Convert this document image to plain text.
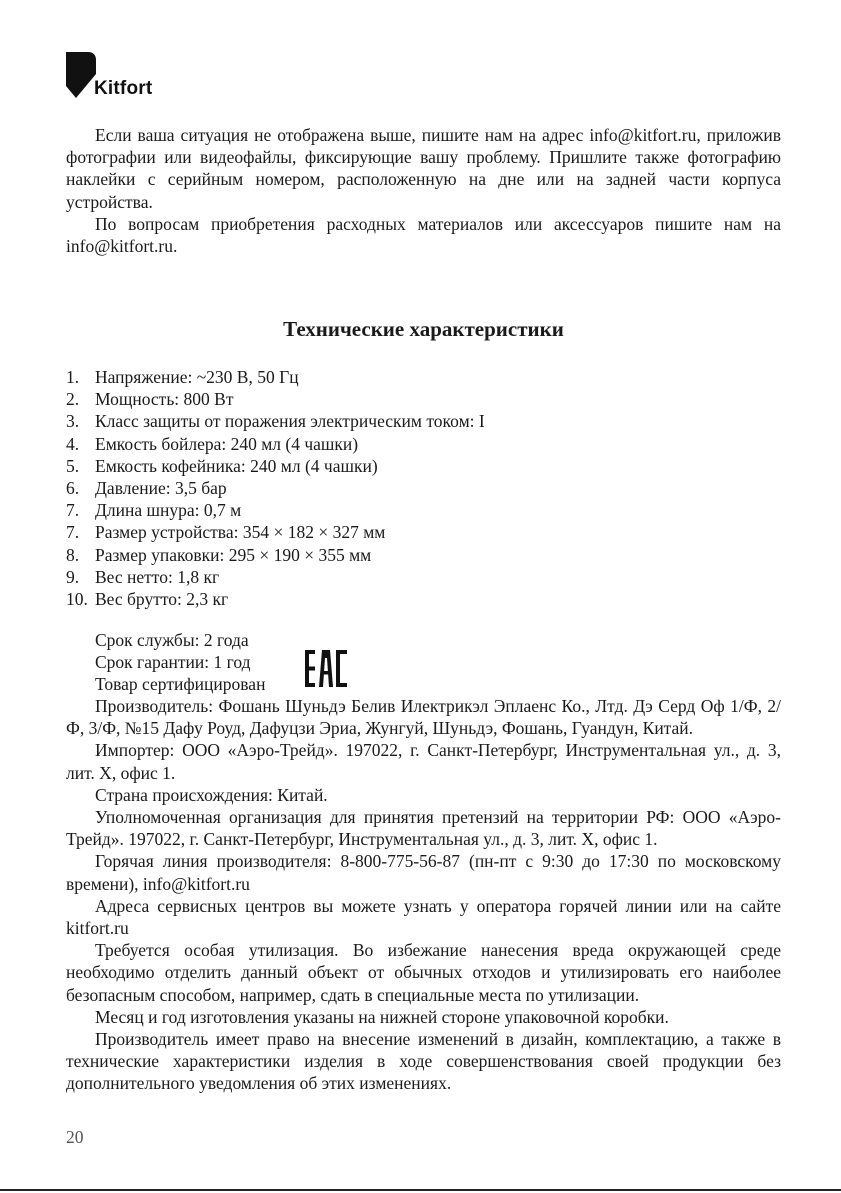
Kitfort

Если ваша ситуация не отображена выше, пишите нам на адрес info@kitfort.ru, приложив фотографии или видеофайлы, фиксирующие вашу проблему. Пришлите также фотографию наклейки с серийным номером, расположенную на дне или на задней части корпуса устройства.

По вопросам приобретения расходных материалов или аксессуаров пишите нам на info@kitfort.ru.

Технические характеристики
1. Напряжение: ~230 В, 50 Гц
2. Мощность: 800 Вт
3. Класс защиты от поражения электрическим током: I
4. Емкость бойлера: 240 мл (4 чашки)
5. Емкость кофейника: 240 мл (4 чашки)
6. Давление: 3,5 бар
7. Длина шнура: 0,7 м
7. Размер устройства: 354 × 182 × 327 мм
8. Размер упаковки: 295 × 190 × 355 мм
9. Вес нетто: 1,8 кг
10. Вес брутто: 2,3 кг
Срок службы: 2 года
Срок гарантии: 1 год
Товар сертифицирован

Производитель: Фошань Шуньдэ Белив Илектрикэл Эплаенс Ко., Лтд. Дэ Серд Оф 1/Ф, 2/Ф, 3/Ф, №15 Дафу Роуд, Дафуцзи Эриа, Жунгуй, Шуньдэ, Фошань, Гуандун, Китай.

Импортер: ООО «Аэро-Трейд». 197022, г. Санкт-Петербург, Инструментальная ул., д. 3, лит. Х, офис 1.

Страна происхождения: Китай.

Уполномоченная организация для принятия претензий на территории РФ: ООО «Аэро-Трейд». 197022, г. Санкт-Петербург, Инструментальная ул., д. 3, лит. Х, офис 1.

Горячая линия производителя: 8-800-775-56-87 (пн-пт с 9:30 до 17:30 по московскому времени), info@kitfort.ru

Адреса сервисных центров вы можете узнать у оператора горячей линии или на сайте kitfort.ru

Требуется особая утилизация. Во избежание нанесения вреда окружающей среде необходимо отделить данный объект от обычных отходов и утилизировать его наиболее безопасным способом, например, сдать в специальные места по утилизации.

Месяц и год изготовления указаны на нижней стороне упаковочной коробки.

Производитель имеет право на внесение изменений в дизайн, комплектацию, а также в технические характеристики изделия в ходе совершенствования своей продукции без дополнительного уведомления об этих изменениях.

20
